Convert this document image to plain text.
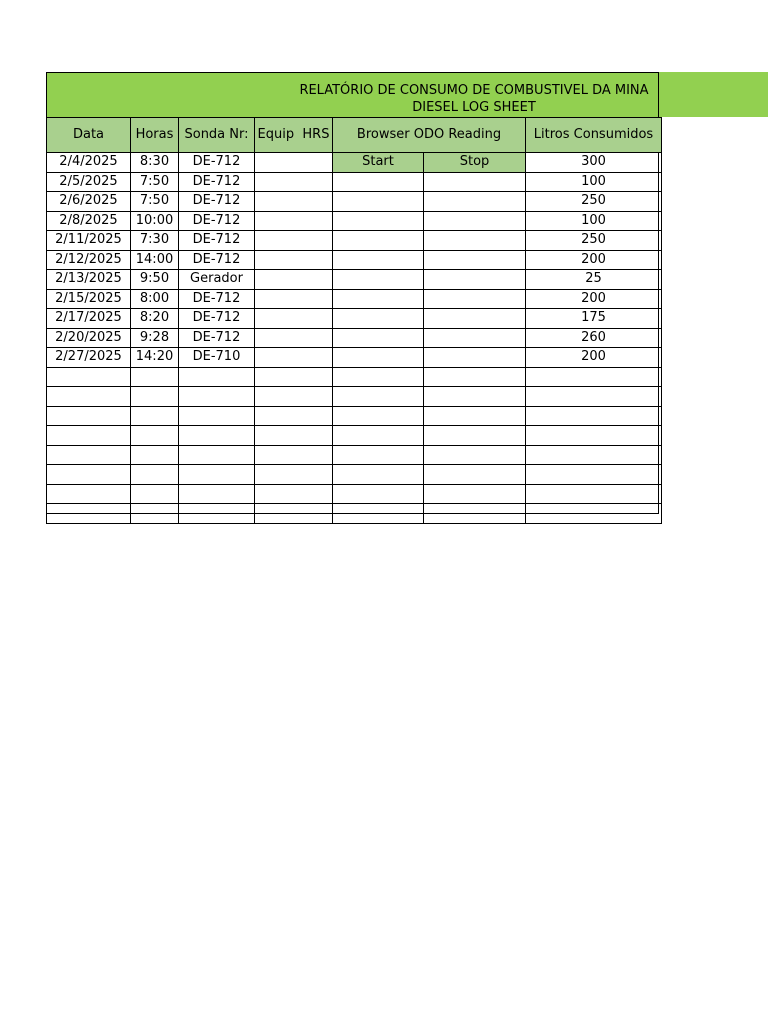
RELATÓRIO DE CONSUMO DE COMBUSTIVEL DA MINA
DIESEL LOG SHEET
Data	Horas	Sonda Nr:	Equip  HRS	Browser ODO Reading		Litros Consumidos
2/4/2025	8:30	DE-712		Start	Stop	300
2/5/2025	7:50	DE-712				100
2/6/2025	7:50	DE-712				250
2/8/2025	10:00	DE-712				100
2/11/2025	7:30	DE-712				250
2/12/2025	14:00	DE-712				200
2/13/2025	9:50	Gerador				25
2/15/2025	8:00	DE-712				200
2/17/2025	8:20	DE-712				175
2/20/2025	9:28	DE-712				260
2/27/2025	14:20	DE-710				200
